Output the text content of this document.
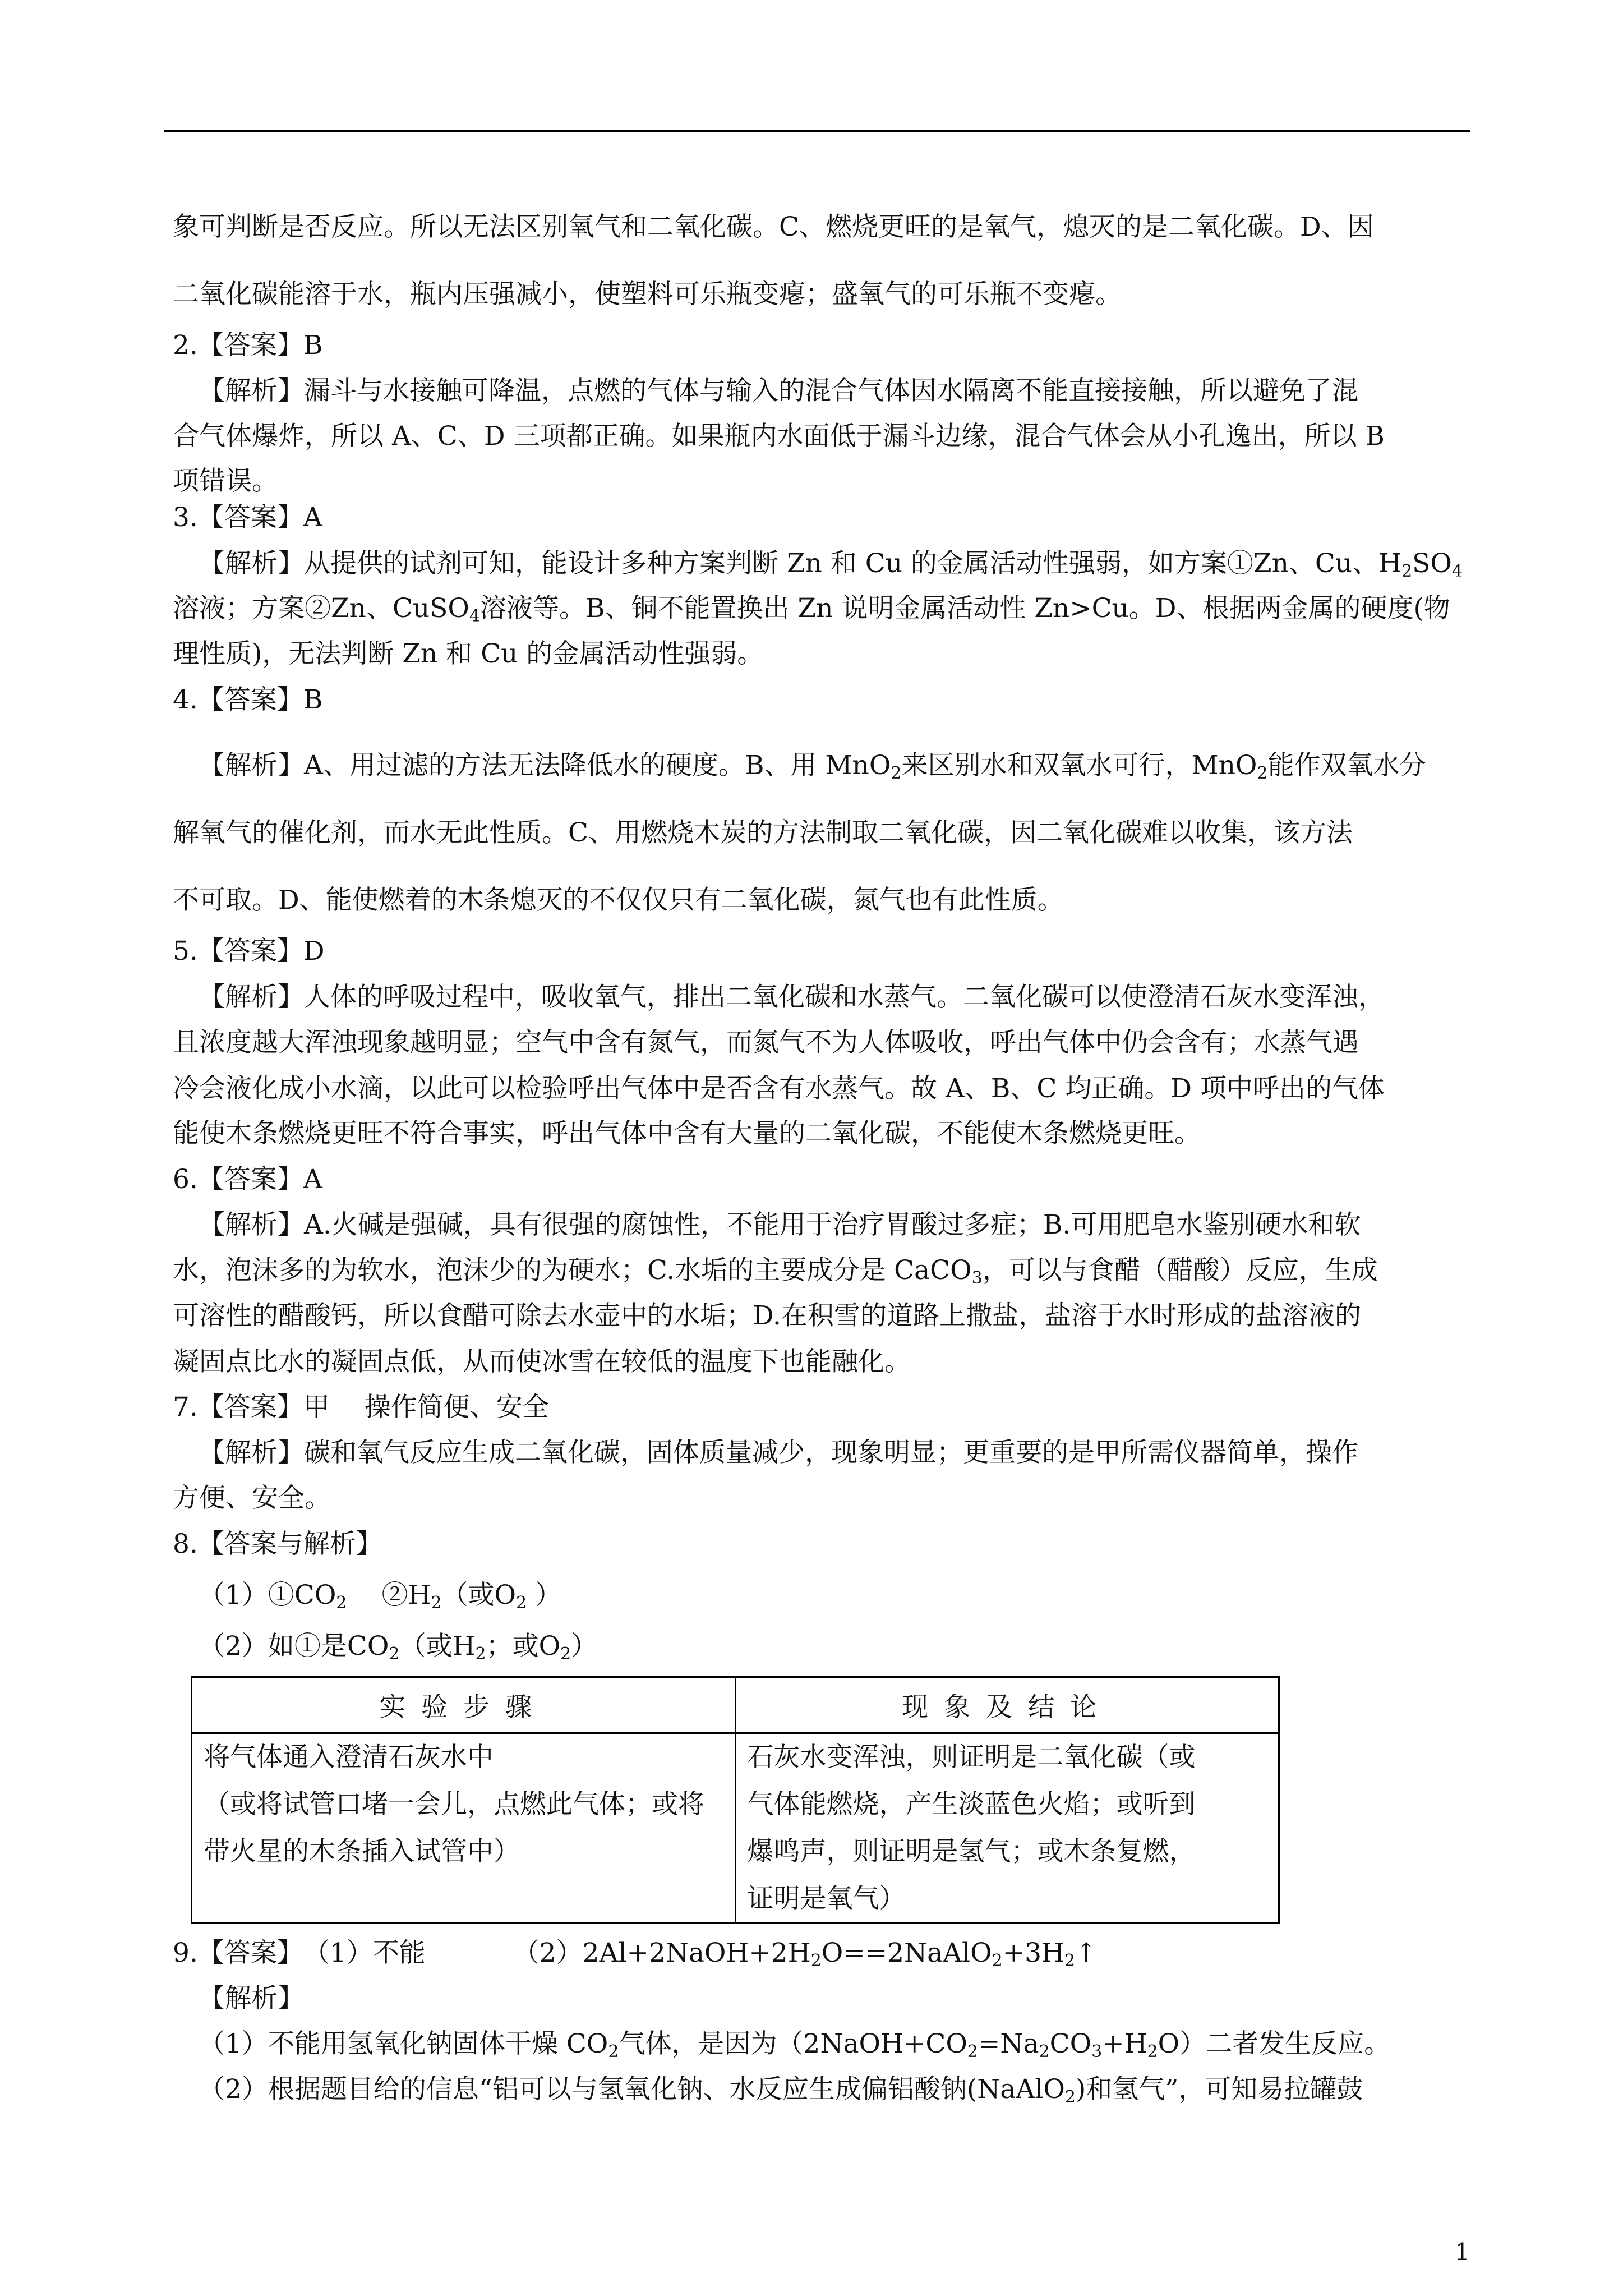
象可判断是否反应。所以无法区别氧气和二氧化碳。C、燃烧更旺的是氧气，熄灭的是二氧化碳。D、因
二氧化碳能溶于水，瓶内压强减小，使塑料可乐瓶变瘪；盛氧气的可乐瓶不变瘪。
2.【答案】B
【解析】漏斗与水接触可降温，点燃的气体与输入的混合气体因水隔离不能直接接触，所以避免了混
合气体爆炸，所以 A、C、D 三项都正确。如果瓶内水面低于漏斗边缘，混合气体会从小孔逸出，所以 B
项错误。
3.【答案】A
【解析】从提供的试剂可知，能设计多种方案判断 Zn 和 Cu 的金属活动性强弱，如方案①Zn、Cu、$H_2SO_4$
溶液；方案②Zn、CuSO$_4$溶液等。B、铜不能置换出 Zn 说明金属活动性 Zn>Cu。D、根据两金属的硬度(物
理性质)，无法判断 Zn 和 Cu 的金属活动性强弱。
4.【答案】B
【解析】A、用过滤的方法无法降低水的硬度。B、用 MnO$_2$来区别水和双氧水可行，MnO$_2$能作双氧水分
解氧气的催化剂，而水无此性质。C、用燃烧木炭的方法制取二氧化碳，因二氧化碳难以收集，该方法
不可取。D、能使燃着的木条熄灭的不仅仅只有二氧化碳，氮气也有此性质。
5.【答案】D
【解析】人体的呼吸过程中，吸收氧气，排出二氧化碳和水蒸气。二氧化碳可以使澄清石灰水变浑浊，
且浓度越大浑浊现象越明显；空气中含有氮气，而氮气不为人体吸收，呼出气体中仍会含有；水蒸气遇
冷会液化成小水滴，以此可以检验呼出气体中是否含有水蒸气。故 A、B、C 均正确。D 项中呼出的气体
能使木条燃烧更旺不符合事实，呼出气体中含有大量的二氧化碳，不能使木条燃烧更旺。
6.【答案】A
【解析】A.火碱是强碱，具有很强的腐蚀性，不能用于治疗胃酸过多症；B.可用肥皂水鉴别硬水和软
水，泡沫多的为软水，泡沫少的为硬水；C.水垢的主要成分是 CaCO$_3$，可以与食醋（醋酸）反应，生成
可溶性的醋酸钙，所以食醋可除去水壶中的水垢；D.在积雪的道路上撒盐，盐溶于水时形成的盐溶液的
凝固点比水的凝固点低，从而使冰雪在较低的温度下也能融化。
7.【答案】甲　 操作简便、安全
【解析】碳和氧气反应生成二氧化碳，固体质量减少，现象明显；更重要的是甲所需仪器简单，操作
方便、安全。
8.【答案与解析】
$(1)①CO_2$　 $②H_2$（或$O_2$ ）
（2）如①是$CO_2$（或$H_2$；或$O_2$）
实验步骤	现象及结论

将气体通入澄清石灰水中
（或将试管口堵一会儿，点燃此气体；或将
带火星的木条插入试管中）	石灰水变浑浊，则证明是二氧化碳（或
气体能燃烧，产生淡蓝色火焰；或听到
爆鸣声，则证明是氢气；或木条复燃，
证明是氧气）
9.【答案】　（1）不能　　　 $(2)2Al+2NaOH+2H_2O==2NaAlO_2+3H_2↑$
【解析】
（1）不能用氢氧化钠固体干燥 $CO_2$气体，是因为$(2NaOH+CO_2=Na_2CO_3+H_2O)$二者发生反应。
（2）根据题目给的信息“铝可以与氢氧化钠、水反应生成偏铝酸钠(NaAlO$_2$)和氢气”，可知易拉罐鼓
1
